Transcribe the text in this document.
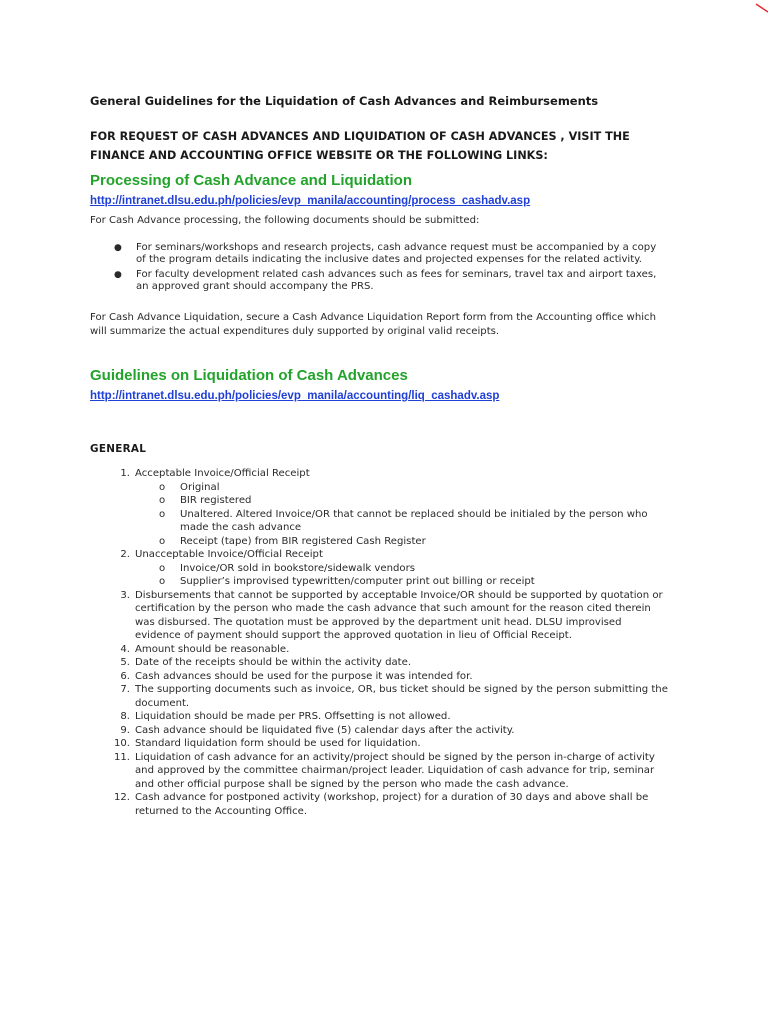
General Guidelines for the Liquidation of Cash Advances and Reimbursements

FOR REQUEST OF CASH ADVANCES AND LIQUIDATION OF CASH ADVANCES , VISIT THE FINANCE AND ACCOUNTING OFFICE WEBSITE OR THE FOLLOWING LINKS:

Processing of Cash Advance and Liquidation

http://intranet.dlsu.edu.ph/policies/evp_manila/accounting/process_cashadv.asp

For Cash Advance processing, the following documents should be submitted:

● For seminars/workshops and research projects, cash advance request must be accompanied by a copy of the program details indicating the inclusive dates and projected expenses for the related activity.
● For faculty development related cash advances such as fees for seminars, travel tax and airport taxes, an approved grant should accompany the PRS.

For Cash Advance Liquidation, secure a Cash Advance Liquidation Report form from the Accounting office which will summarize the actual expenditures duly supported by original valid receipts.

Guidelines on Liquidation of Cash Advances

http://intranet.dlsu.edu.ph/policies/evp_manila/accounting/liq_cashadv.asp

GENERAL

1. Acceptable Invoice/Official Receipt
o Original
o BIR registered
o Unaltered. Altered Invoice/OR that cannot be replaced should be initialed by the person who made the cash advance
o Receipt (tape) from BIR registered Cash Register
2. Unacceptable Invoice/Official Receipt
o Invoice/OR sold in bookstore/sidewalk vendors
o Supplier’s improvised typewritten/computer print out billing or receipt
3. Disbursements that cannot be supported by acceptable Invoice/OR should be supported by quotation or certification by the person who made the cash advance that such amount for the reason cited therein was disbursed. The quotation must be approved by the department unit head. DLSU improvised evidence of payment should support the approved quotation in lieu of Official Receipt.
4. Amount should be reasonable.
5. Date of the receipts should be within the activity date.
6. Cash advances should be used for the purpose it was intended for.
7. The supporting documents such as invoice, OR, bus ticket should be signed by the person submitting the document.
8. Liquidation should be made per PRS. Offsetting is not allowed.
9. Cash advance should be liquidated five (5) calendar days after the activity.
10. Standard liquidation form should be used for liquidation.
11. Liquidation of cash advance for an activity/project should be signed by the person in-charge of activity and approved by the committee chairman/project leader. Liquidation of cash advance for trip, seminar and other official purpose shall be signed by the person who made the cash advance.
12. Cash advance for postponed activity (workshop, project) for a duration of 30 days and above shall be returned to the Accounting Office.
